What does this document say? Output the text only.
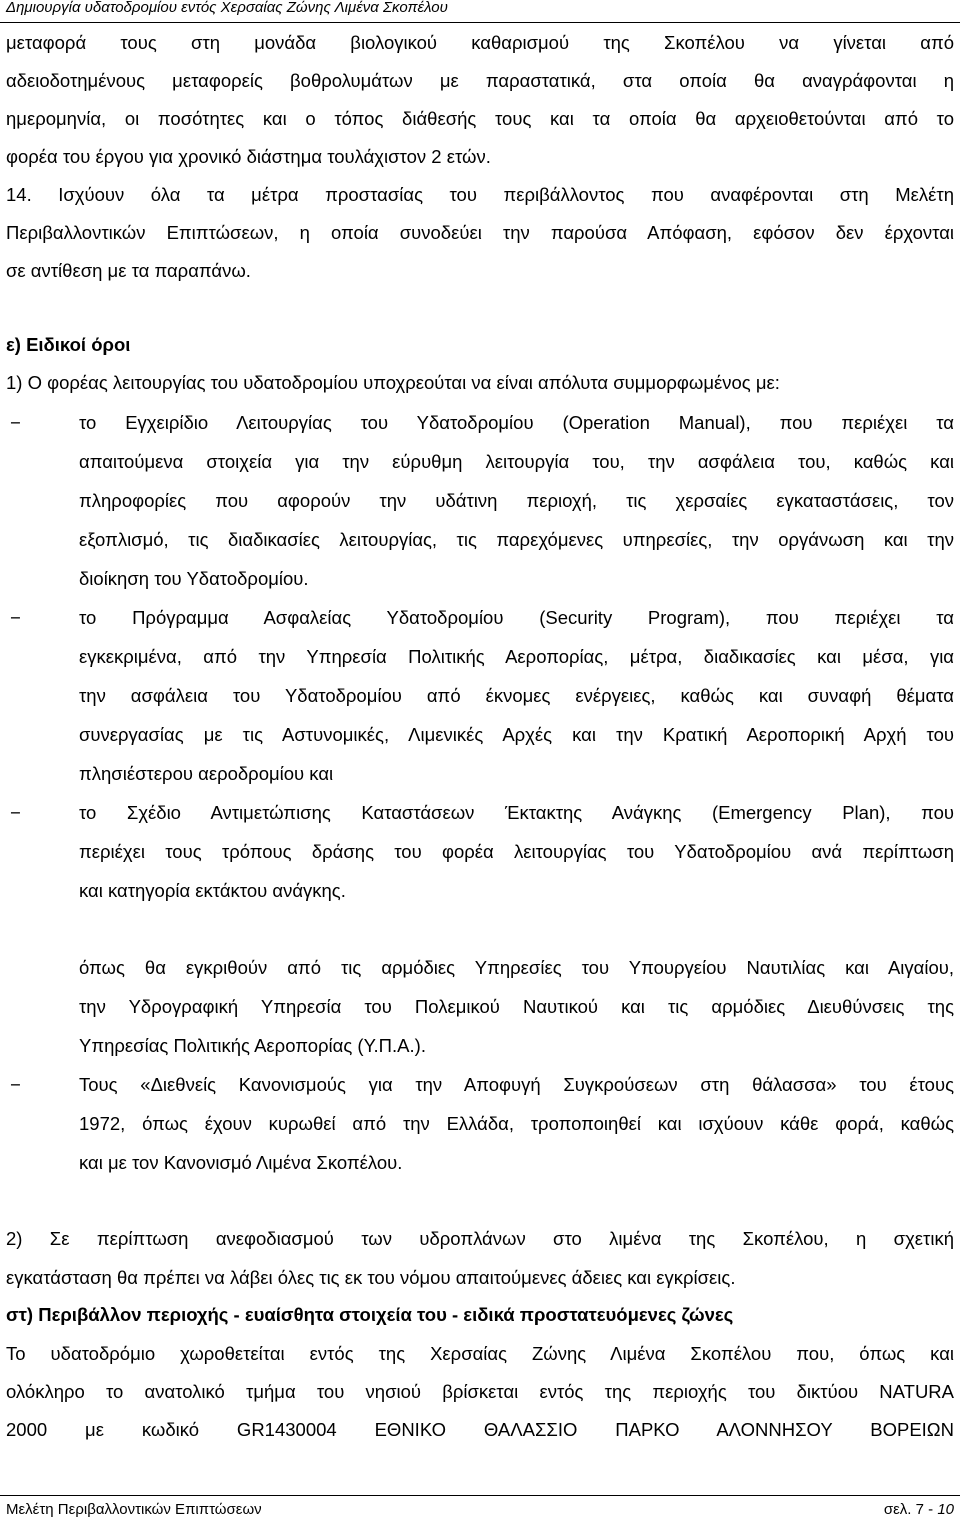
Δημιουργία υδατοδρομίου εντός Χερσαίας Ζώνης Λιμένα Σκοπέλου
μεταφορά τους στη μονάδα βιολογικού καθαρισμού της Σκοπέλου να γίνεται από
αδειοδοτημένους μεταφορείς βοθρολυμάτων με παραστατικά, στα οποία θα αναγράφονται η
ημερομηνία, οι ποσότητες και ο τόπος διάθεσής τους και τα οποία θα αρχειοθετούνται από το
φορέα του έργου για χρονικό διάστημα τουλάχιστον 2 ετών.
14. Ισχύουν όλα τα μέτρα προστασίας του περιβάλλοντος που αναφέρονται στη Μελέτη
Περιβαλλοντικών Επιπτώσεων, η οποία συνοδεύει την παρούσα Απόφαση, εφόσον δεν έρχονται
σε αντίθεση με τα παραπάνω.
ε) Ειδικοί όροι
1) Ο φορέας λειτουργίας του υδατοδρομίου υποχρεούται να είναι απόλυτα συμμορφωμένος με:
−	το Εγχειρίδιο Λειτουργίας του Υδατοδρομίου (Operation Manual), που περιέχει τα
απαιτούμενα στοιχεία για την εύρυθμη λειτουργία του, την ασφάλεια του, καθώς και
πληροφορίες που αφορούν την υδάτινη περιοχή, τις χερσαίες εγκαταστάσεις, τον
εξοπλισμό, τις διαδικασίες λειτουργίας, τις παρεχόμενες υπηρεσίες, την οργάνωση και την
διοίκηση του Υδατοδρομίου.
−	το Πρόγραμμα Ασφαλείας Υδατοδρομίου (Security Program), που περιέχει τα
εγκεκριμένα, από την Υπηρεσία Πολιτικής Αεροπορίας, μέτρα, διαδικασίες και μέσα, για
την ασφάλεια του Υδατοδρομίου από έκνομες ενέργειες, καθώς και συναφή θέματα
συνεργασίας με τις Αστυνομικές, Λιμενικές Αρχές και την Κρατική Αεροπορική Αρχή του
πλησιέστερου αεροδρομίου και
−	το Σχέδιο Αντιμετώπισης Καταστάσεων Έκτακτης Ανάγκης (Emergency Plan), που
περιέχει τους τρόπους δράσης του φορέα λειτουργίας του Υδατοδρομίου ανά περίπτωση
και κατηγορία εκτάκτου ανάγκης.
όπως θα εγκριθούν από τις αρμόδιες Υπηρεσίες του Υπουργείου Ναυτιλίας και Αιγαίου,
την Υδρογραφική Υπηρεσία του Πολεμικού Ναυτικού και τις αρμόδιες Διευθύνσεις της
Υπηρεσίας Πολιτικής Αεροπορίας (Υ.Π.Α.).
−	Τους «Διεθνείς Κανονισμούς για την Αποφυγή Συγκρούσεων στη θάλασσα» του έτους
1972, όπως έχουν κυρωθεί από την Ελλάδα, τροποποιηθεί και ισχύουν κάθε φορά, καθώς
και με τον Κανονισμό Λιμένα Σκοπέλου.
2) Σε περίπτωση ανεφοδιασμού των υδροπλάνων στο λιμένα της Σκοπέλου, η σχετική
εγκατάσταση θα πρέπει να λάβει όλες τις εκ του νόμου απαιτούμενες άδειες και εγκρίσεις.
στ) Περιβάλλον περιοχής - ευαίσθητα στοιχεία του - ειδικά προστατευόμενες ζώνες
Το υδατοδρόμιο χωροθετείται εντός της Χερσαίας Ζώνης Λιμένα Σκοπέλου που, όπως και
ολόκληρο το ανατολικό τμήμα του νησιού βρίσκεται εντός της περιοχής του δικτύου NATURA
2000 με κωδικό GR1430004 ΕΘΝΙΚΟ ΘΑΛΑΣΣΙΟ ΠΑΡΚΟ ΑΛΟΝΝΗΣΟΥ ΒΟΡΕΙΩΝ
Μελέτη Περιβαλλοντικών Επιπτώσεων	σελ. 7 - 10
